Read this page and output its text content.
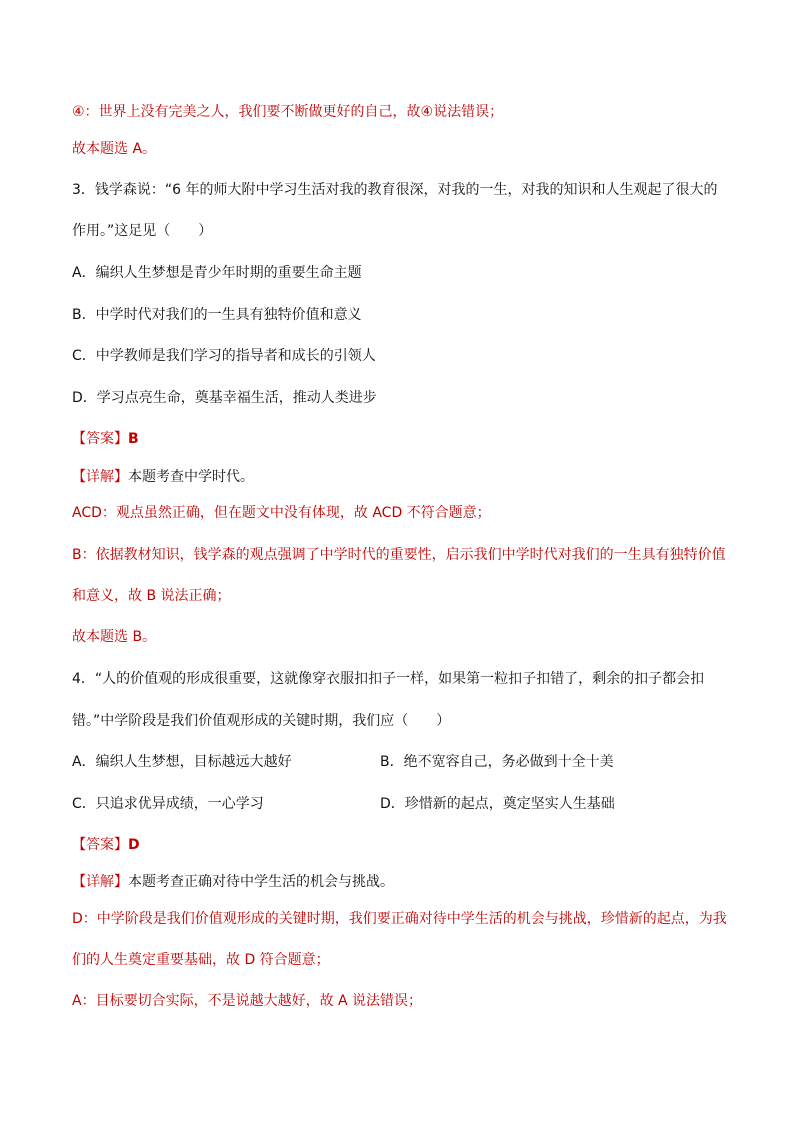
④：世界上没有完美之人，我们要不断做更好的自己，故④说法错误；
故本题选 A。
3．钱学森说：“6 年的师大附中学习生活对我的教育很深，对我的一生，对我的知识和人生观起了很大的
作用。”这足见（　　）
A．编织人生梦想是青少年时期的重要生命主题
B．中学时代对我们的一生具有独特价值和意义
C．中学教师是我们学习的指导者和成长的引领人
D．学习点亮生命，奠基幸福生活，推动人类进步
【答案】B
【详解】本题考查中学时代。
ACD：观点虽然正确，但在题文中没有体现，故 ACD 不符合题意；
B：依据教材知识，钱学森的观点强调了中学时代的重要性，启示我们中学时代对我们的一生具有独特价值
和意义，故 B 说法正确；
故本题选 B。
4．“人的价值观的形成很重要，这就像穿衣服扣扣子一样，如果第一粒扣子扣错了，剩余的扣子都会扣
错。”中学阶段是我们价值观形成的关键时期，我们应（　　）
A．编织人生梦想，目标越远大越好	B．绝不宽容自己，务必做到十全十美
C．只追求优异成绩，一心学习	D．珍惜新的起点，奠定坚实人生基础
【答案】D
【详解】本题考查正确对待中学生活的机会与挑战。
D：中学阶段是我们价值观形成的关键时期，我们要正确对待中学生活的机会与挑战，珍惜新的起点，为我
们的人生奠定重要基础，故 D 符合题意；
A：目标要切合实际，不是说越大越好，故 A 说法错误；
